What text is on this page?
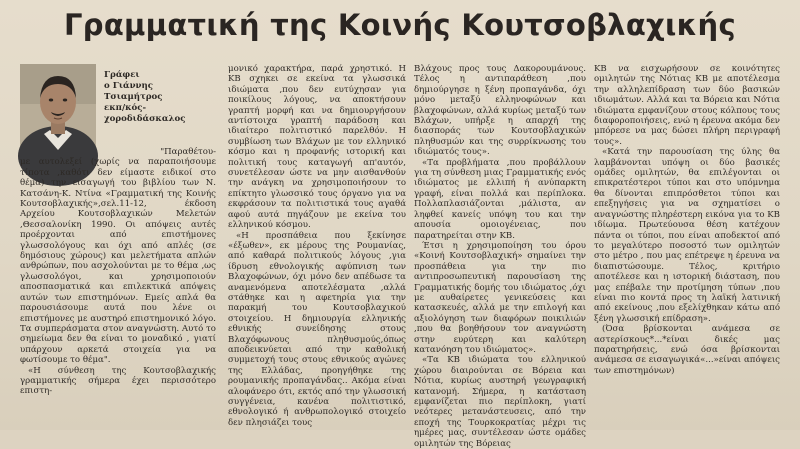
Γραμματική της Κοινής Κουτσοβλαχικής
Γράφει
ο Γιάννης
Τσιαμήτρος
εκπ/κός-
χοροδιδάσκαλος

"Παραθέτου-

με αυτολεξεί (χωρίς να παραποιήσουμε τίποτα ,καθότι δεν είμαστε ειδικοί στο θέμα) την εισαγωγή του βιβλίου των Ν. Κατσάνη-Κ. Ντίνα «Γραμματική της Κοινής Κουτσοβλαχικής»,σελ.11-12, έκδοση Αρχείου Κουτσοβλαχικών Μελετών ,Θεσσαλονίκη 1990. Οι απόψεις αυτές προέρχονται από επιστήμονες γλωσσολόγους και όχι από απλές (σε δημόσιους χώρους) και μελετήματα απλών ανθρώπων, που ασχολούνται με το θέμα ,ως γλωσσολόγοι, και χρησιμοποιούν αποσπασματικά και επιλεκτικά απόψεις αυτών των επιστημόνων. Εμείς απλά θα παρουσιάσουμε αυτά που λένε οι επιστήμονες με αυστηρό επιστημονικό λόγο. Τα συμπεράσματα στον αναγνώστη. Αυτό το σημείωμα δεν θα είναι το μοναδικό , γιατί υπάρχουν αρκετά στοιχεία για να φωτίσουμε το θέμα".

«Η σύνθεση της Κουτσοβλαχικής γραμματικής σήμερα έχει περισσότερο επιστη-

μονικό χαρακτήρα, παρά χρηστικό. Η ΚΒ σχηκει σε εκείνα τα γλωσσικά ιδιώματα ,που δεν ευτύχησαν για ποικίλους λόγους, να αποκτήσουν γραπτή μορφή και να δημιουργήσουν αντίστοιχα γραπτή παράδοση και ιδιαίτερο πολιτιστικό παρελθόν. Η συμβίωση των Βλάχων με τον ελληνικό κόσμο και η προφανής ιστορική και πολιτική τους καταγωγή απ'αυτόν, συνετέλεσαν ώστε να μην αισθανθούν την ανάγκη να χρησιμοποιήσουν το επίκτητο γλωσσικό τους όργανο για να εκφράσουν τα πολιτιστικά τους αγαθά αφού αυτά πηγάζουν με εκείνα του ελληνικού κόσμου.

«Η προσπάθεια που ξεκίνησε «έξωθεν», εκ μέρους της Ρουμανίας, από καθαρά πολιτικούς λόγους ,για ίδρυση εθνολογικής αφύπνιση των Βλαχοφώνων, όχι μόνο δεν απέδωσε τα αναμενόμενα αποτελέσματα ,αλλά στάθηκε και η αφετηρία για την παρακμή του Κουτσοβλαχικού στοιχείου. Η δημιουργία ελληνικής εθνικής συνείδησης στους Βλαχόφωνους πληθυσμούς,όπως αποδεικνύεται από την καθολική συμμετοχή τους στους εθνικούς αγώνες της Ελλάδας, προηγήθηκε της ρουμανικής προπαγάνδας.. Ακόμα είναι αλοφάνερο ότι, εκτός από την γλωσσική συγγένεια, κανένα πολιτιστικό, εθνολογικό ή ανθρωπολογικό στοιχείο δεν πλησιάζει τους

Βλάχους προς τους Δακορουμάνους. Τέλος η αντιπαράθεση ,που δημιούργησε η ξένη προπαγάνδα, όχι μόνο μεταξύ ελληνοφώνων και βλαχοφώνων, αλλά κυρίως μεταξύ των Βλάχων, υπήρξε η απαρχή της διασποράς των Κουτσοβλαχικών πληθυσμών και της συρρίκνωσης του ιδιώματός τους».

«Τα προβλήματα ,που προβάλλουν για τη σύνθεση μιας Γραμματικής ενός ιδιώματος με ελλιπή ή ανύπαρκτη γραφή, είναι πολλά και περίπλοκα. Πολλαπλασιάζονται ,μάλιστα, αν ληφθεί κανείς υπόψη του και την απουσία ομοιογένειας, που παρατηρείται στην ΚΒ.

Έτσι η χρησιμοποίηση του όρου «Κοινή Κουτσοβλαχική» σημαίνει την προσπάθεια για την πιο αντιπροσωπευτική παρουσίαση της Γραμματικής δομής του ιδιώματος ,όχι με αυθαίρετες γενικεύσεις και κατασκευές, αλλά με την επιλογή και αξιολόγηση των διαφόρων ποικιλιών ,που θα βοηθήσουν τον αναγνώστη στην ευρύτερη και καλύτερη κατανόηση του ιδιώματος».

«Τα ΚΒ ιδιώματα του ελληνικού χώρου διαιρούνται σε Βόρεια και Νότια, κυρίως αυστηρή γεωγραφική κατανομή. Σήμερα, η κατάσταση εμφανίζεται πιο περίπλοκη, γιατί νεότερες μετανάστευσεις, από την εποχή της Τουρκοκρατίας μέχρι τις ημέρες μας, συντέλεσαν ώστε ομάδες ομιλητών της Βόρειας

ΚΒ να εισχωρήσουν σε κοινότητες ομιλητών της Νότιας ΚΒ με αποτέλεσμα την αλληλεπίδραση των δύο βασικών ιδιωμάτων. Αλλά και τα Βόρεια και Νότια ιδιώματα εμφανίζουν στους κόλπους τους διαφοροποιήσεις, ενώ η έρευνα ακόμα δεν μπόρεσε να μας δώσει πλήρη περιγραφή τους».

«Κατά την παρουσίαση της ύλης θα λαμβάνονται υπόψη οι δύο βασικές ομάδες ομιλητών, θα επιλέγονται οι επικρατέστεροι τύποι και στο υπόμνημα θα δίνονται επιπρόσθετοι τύποι και επεξηγήσεις για να σχηματίσει ο αναγνώστης πληρέστερη εικόνα για το ΚΒ ιδίωμα. Πρωτεύουσα θέση κατέχουν πάντα οι τύποι, που είναι αποδεκτοί από το μεγαλύτερο ποσοστό των ομιλητών στο μέτρο , που μας επέτρεψε η έρευνα να διαπιστώσουμε. Τέλος, κριτήριο αποτέλεσε και η ιστορική διάσταση, που μας επέβαλε την προτίμηση τύπων ,που είναι πιο κοντά προς τη λαϊκή λατινική από εκείνους ,που εξελίχθηκαν κάτω από ξένη γλωσσική επίδραση».

(Όσα βρίσκονται ανάμεσα σε αστερίσκους*...*είναι δικές μας παρατηρήσεις, ενώ όσα βρίσκονται ανάμεσα σε εισαγωγικά«...»είναι απόψεις των επιστημόνων)
